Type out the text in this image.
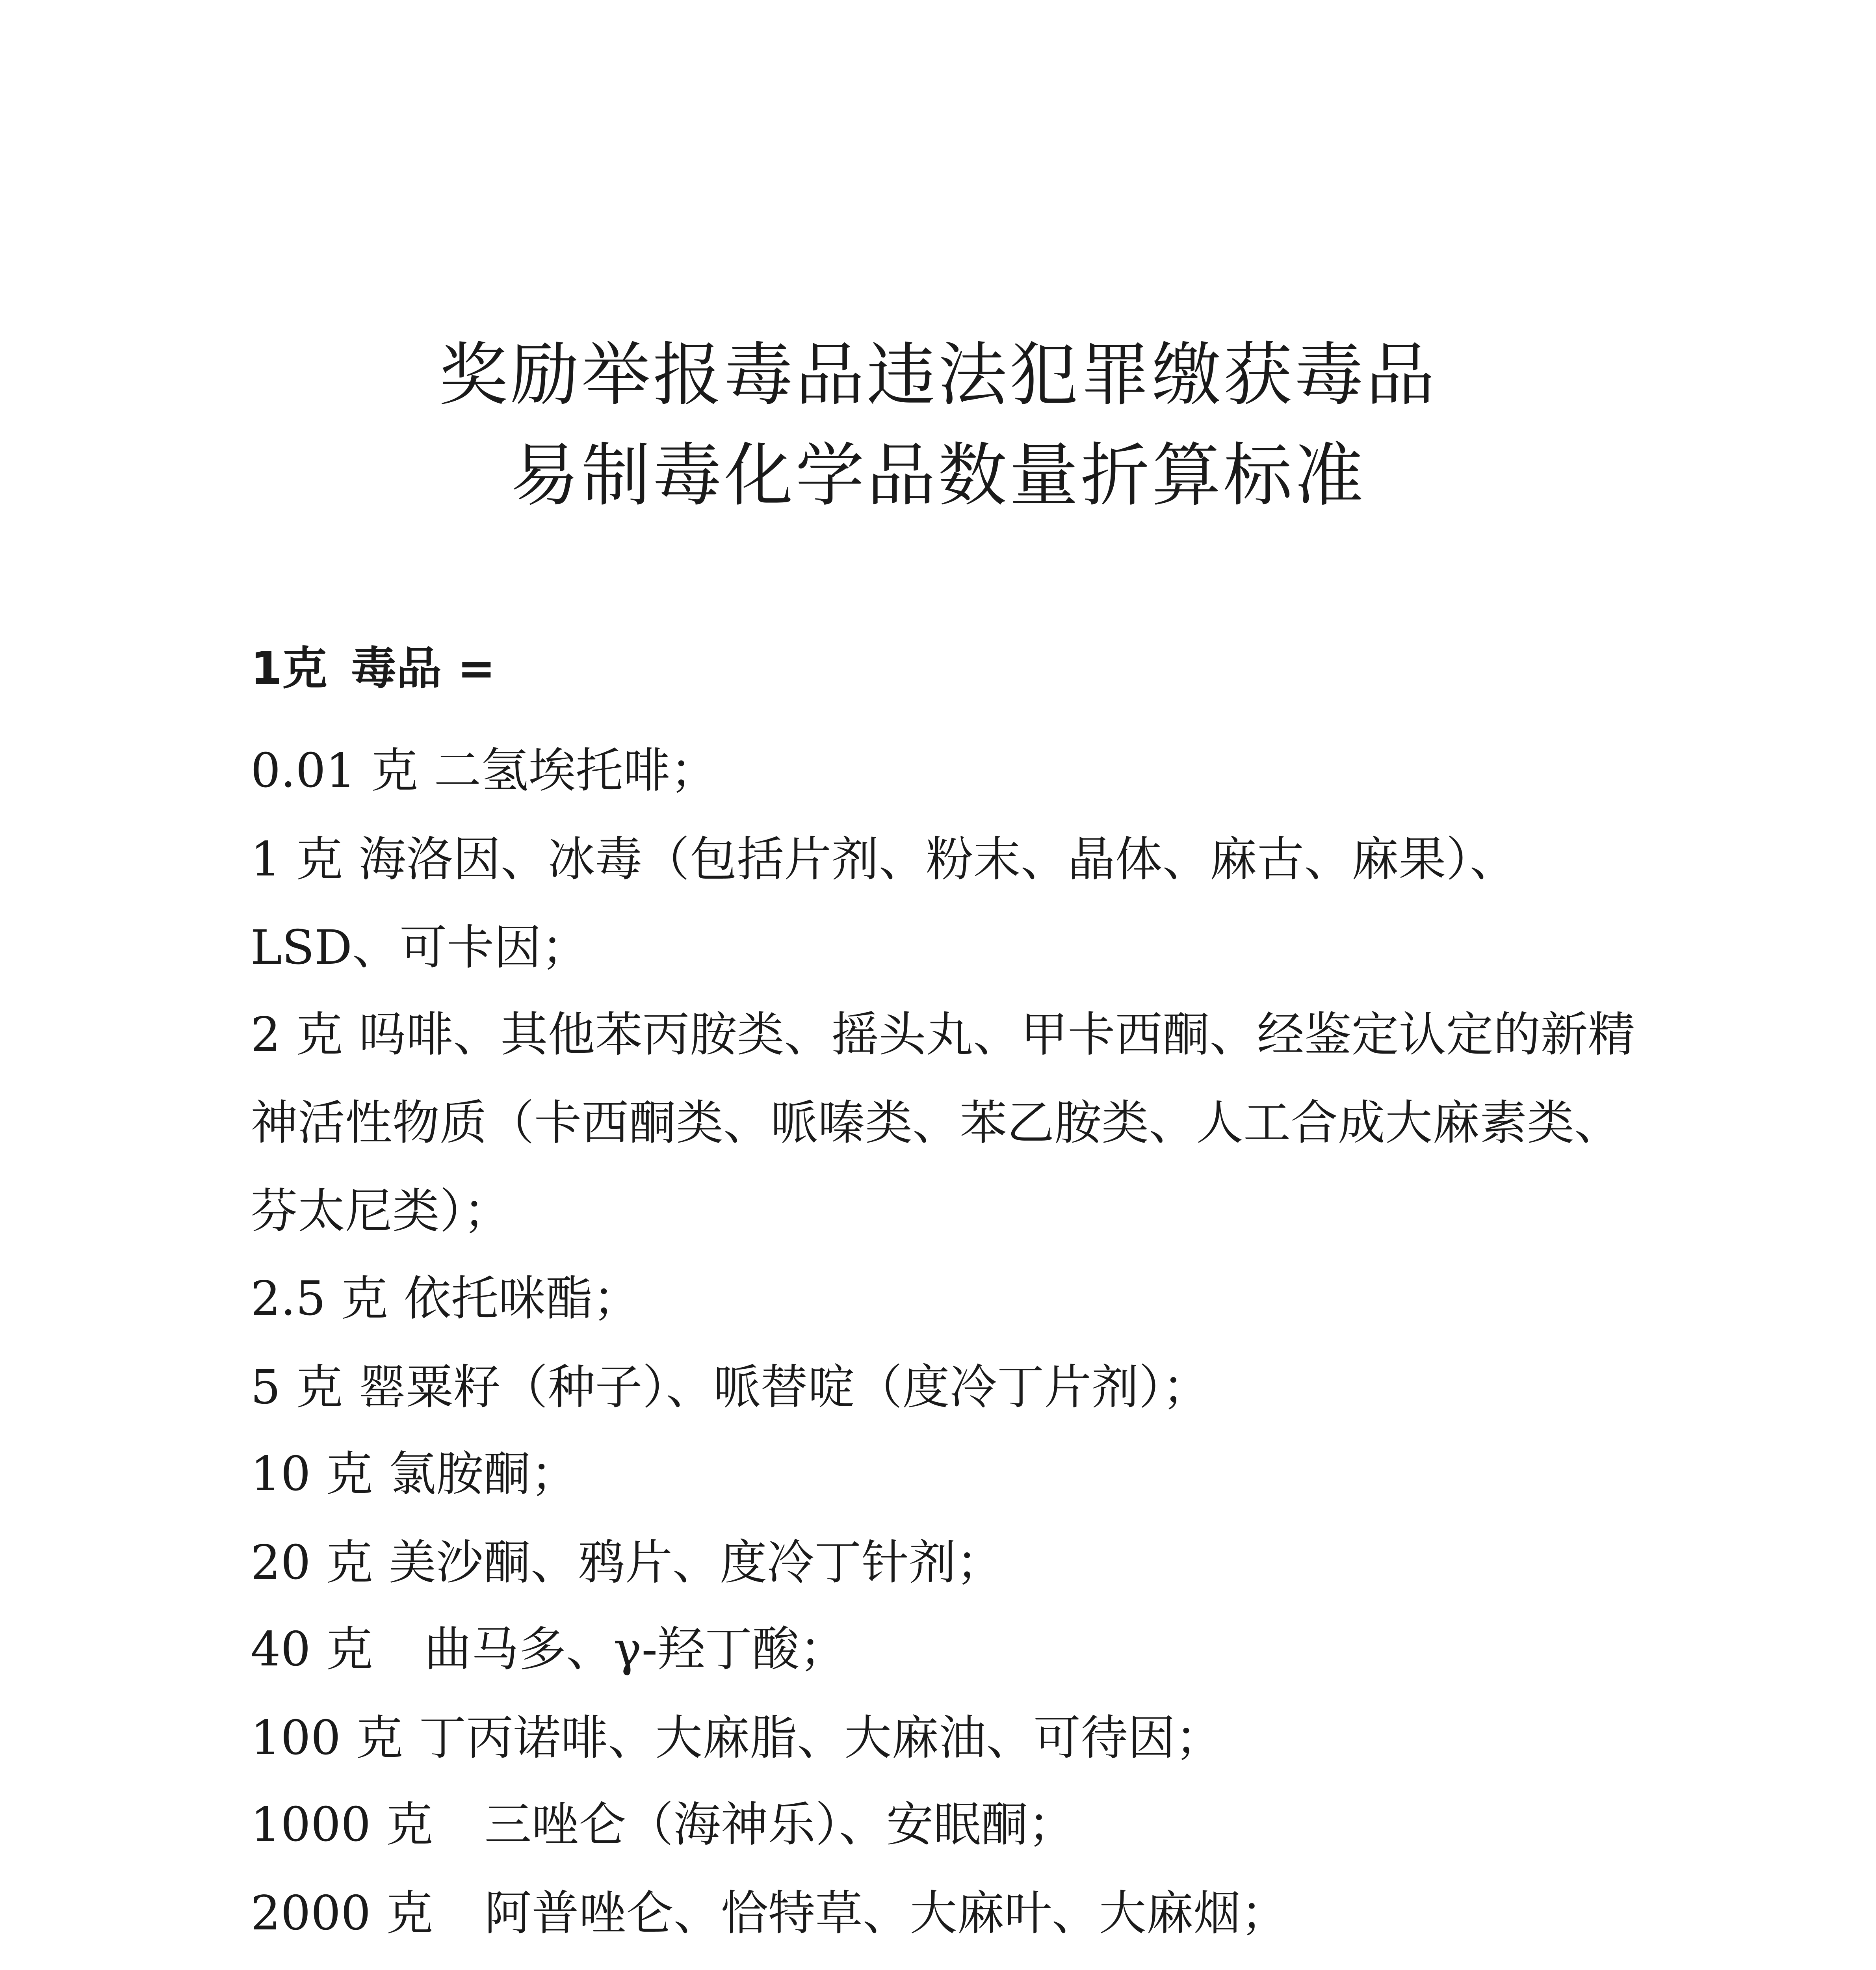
奖励举报毒品违法犯罪缴获毒品
易制毒化学品数量折算标准
1克 毒品 =

0.01 克 二氢埃托啡；

1 克 海洛因、冰毒（包括片剂、粉末、晶体、麻古、麻果）、LSD、可卡因；

2 克 吗啡、其他苯丙胺类、摇头丸、甲卡西酮、经鉴定认定的新精神活性物质（卡西酮类、哌嗪类、苯乙胺类、人工合成大麻素类、芬太尼类）；

2.5 克 依托咪酯；

5 克 罂粟籽（种子）、哌替啶（度冷丁片剂）；

10 克 氯胺酮；

20 克 美沙酮、鸦片、度冷丁针剂；

40 克 曲马多、γ-羟丁酸；

100 克 丁丙诺啡、大麻脂、大麻油、可待因；

1000 克 三唑仑（海神乐）、安眠酮；

2000 克 阿普唑仑、恰特草、大麻叶、大麻烟；
